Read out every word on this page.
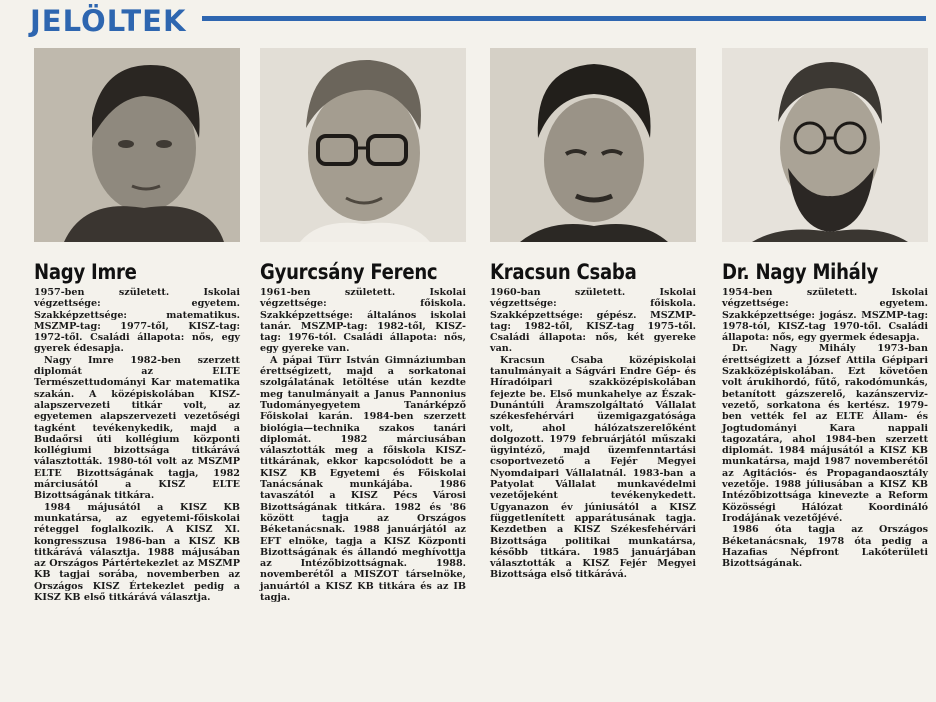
JELÖLTEK
Nagy Imre

1957-ben született. Iskolai végzettsége: egyetem. Szakképzettsége: matematikus. MSZMP-tag: 1977-től, KISZ-tag: 1972-től. Családi állapota: nős, egy gyerek édesapja.

Nagy Imre 1982-ben szerzett diplomát az ELTE Természettudományi Kar matematika szakán. A középiskolában KISZ-alapszervezeti titkár volt, az egyetemen alapszervezeti vezetőségi tagként tevékenykedik, majd a Budaőrsi úti kollégium központi kollégiumi bizottsága titkárává választották. 1980-tól volt az MSZMP ELTE Bizottságának tagja, 1982 márciusától a KISZ ELTE Bizottságának titkára.

1984 májusától a KISZ KB munkatársa, az egyetemi-főiskolai réteggel foglalkozik. A KISZ XI. kongresszusa 1986-ban a KISZ KB titkárává választja. 1988 májusában az Országos Pártértekezlet az MSZMP KB tagjai sorába, novemberben az Országos KISZ Értekezlet pedig a KISZ KB első titkárává választja.

Gyurcsány Ferenc

1961-ben született. Iskolai végzettsége: főiskola. Szakképzettsége: általános iskolai tanár. MSZMP-tag: 1982-től, KISZ-tag: 1976-tól. Családi állapota: nős, egy gyereke van.

A pápai Türr István Gimnáziumban érettségizett, majd a sorkatonai szolgálatának letöltése után kezdte meg tanulmányait a Janus Pannonius Tudományegyetem Tanárképző Főiskolai karán. 1984-ben szerzett biológia—technika szakos tanári diplomát. 1982 márciusában választották meg a főiskola KISZ-titkárának, ekkor kapcsolódott be a KISZ KB Egyetemi és Főiskolai Tanácsának munkájába. 1986 tavaszától a KISZ Pécs Városi Bizottságának titkára. 1982 és '86 között tagja az Országos Béketanácsnak. 1988 januárjától az EFT elnöke, tagja a KISZ Központi Bizottságának és állandó meghívottja az Intézőbizottságnak. 1988. novemberétől a MISZOT társelnöke, januártól a KISZ KB titkára és az IB tagja.

Kracsun Csaba

1960-ban született. Iskolai végzettsége: főiskola. Szakképzettsége: gépész. MSZMP-tag: 1982-től, KISZ-tag 1975-től. Családi állapota: nős, két gyereke van.

Kracsun Csaba középiskolai tanulmányait a Ságvári Endre Gép- és Híradóipari szakközépiskolában fejezte be. Első munkahelye az Észak-Dunántúli Áramszolgáltató Vállalat székesfehérvári üzemigazgatósága volt, ahol hálózatszerelőként dolgozott. 1979 februárjától műszaki ügyintéző, majd üzemfenntartási csoportvezető a Fejér Megyei Nyomdaipari Vállalatnál. 1983-ban a Patyolat Vállalat munkavédelmi vezetőjeként tevékenykedett. Ugyanazon év júniusától a KISZ függetlenített apparátusának tagja. Kezdetben a KISZ Székesfehérvári Bizottsága politikai munkatársa, később titkára. 1985 januárjában választották a KISZ Fejér Megyei Bizottsága első titkárává.

Dr. Nagy Mihály

1954-ben született. Iskolai végzettsége: egyetem. Szakképzettsége: jogász. MSZMP-tag: 1978-tól, KISZ-tag 1970-től. Családi állapota: nős, egy gyermek édesapja.

Dr. Nagy Mihály 1973-ban érettségizett a József Attila Gépipari Szakközépiskolában. Ezt követően volt árukihordó, fűtő, rakodómunkás, betanított gázszerelő, kazánszerviz-vezető, sorkatona és kertész. 1979-ben vették fel az ELTE Állam- és Jogtudományi Kara nappali tagozatára, ahol 1984-ben szerzett diplomát. 1984 májusától a KISZ KB munkatársa, majd 1987 novemberétől az Agitációs- és Propagandaosztály vezetője. 1988 júliusában a KISZ KB Intézőbizottsága kinevezte a Reform Közösségi Hálózat Koordináló Irodájának vezetőjévé.

1986 óta tagja az Országos Béketanácsnak, 1978 óta pedig a Hazafias Népfront Lakóterületi Bizottságának.
